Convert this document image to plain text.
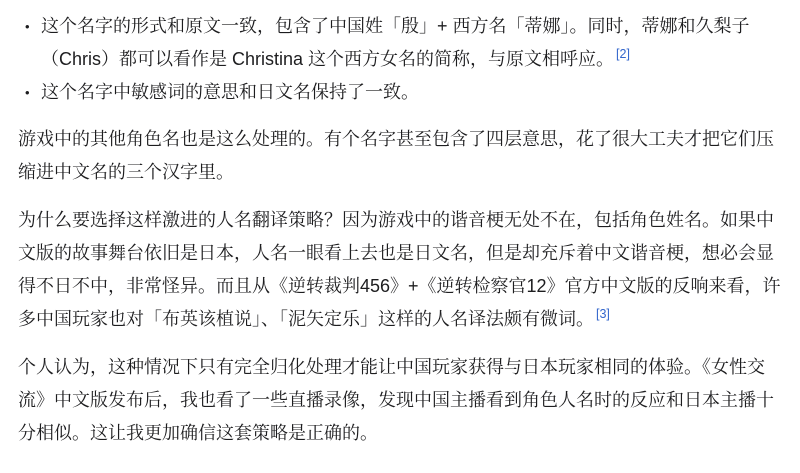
• 这个名字的形式和原文一致，包含了中国姓「殷」+ 西方名「蒂娜」。同时，蒂娜和久梨子（Chris）都可以看作是 Christina 这个西方女名的简称，与原文相呼应。 [2]
• 这个名字中敏感词的意思和日文名保持了一致。

游戏中的其他角色名也是这么处理的。有个名字甚至包含了四层意思，花了很大工夫才把它们压缩进中文名的三个汉字里。

为什么要选择这样激进的人名翻译策略？因为游戏中的谐音梗无处不在，包括角色姓名。如果中文版的故事舞台依旧是日本，人名一眼看上去也是日文名，但是却充斥着中文谐音梗，想必会显得不日不中，非常怪异。而且从《逆转裁判456》+《逆转检察官12》官方中文版的反响来看，许多中国玩家也对「布英该植说」、「泥矢定乐」这样的人名译法颇有微词。 [3]

个人认为，这种情况下只有完全归化处理才能让中国玩家获得与日本玩家相同的体验。《女性交流》中文版发布后，我也看了一些直播录像，发现中国主播看到角色人名时的反应和日本主播十分相似。这让我更加确信这套策略是正确的。
